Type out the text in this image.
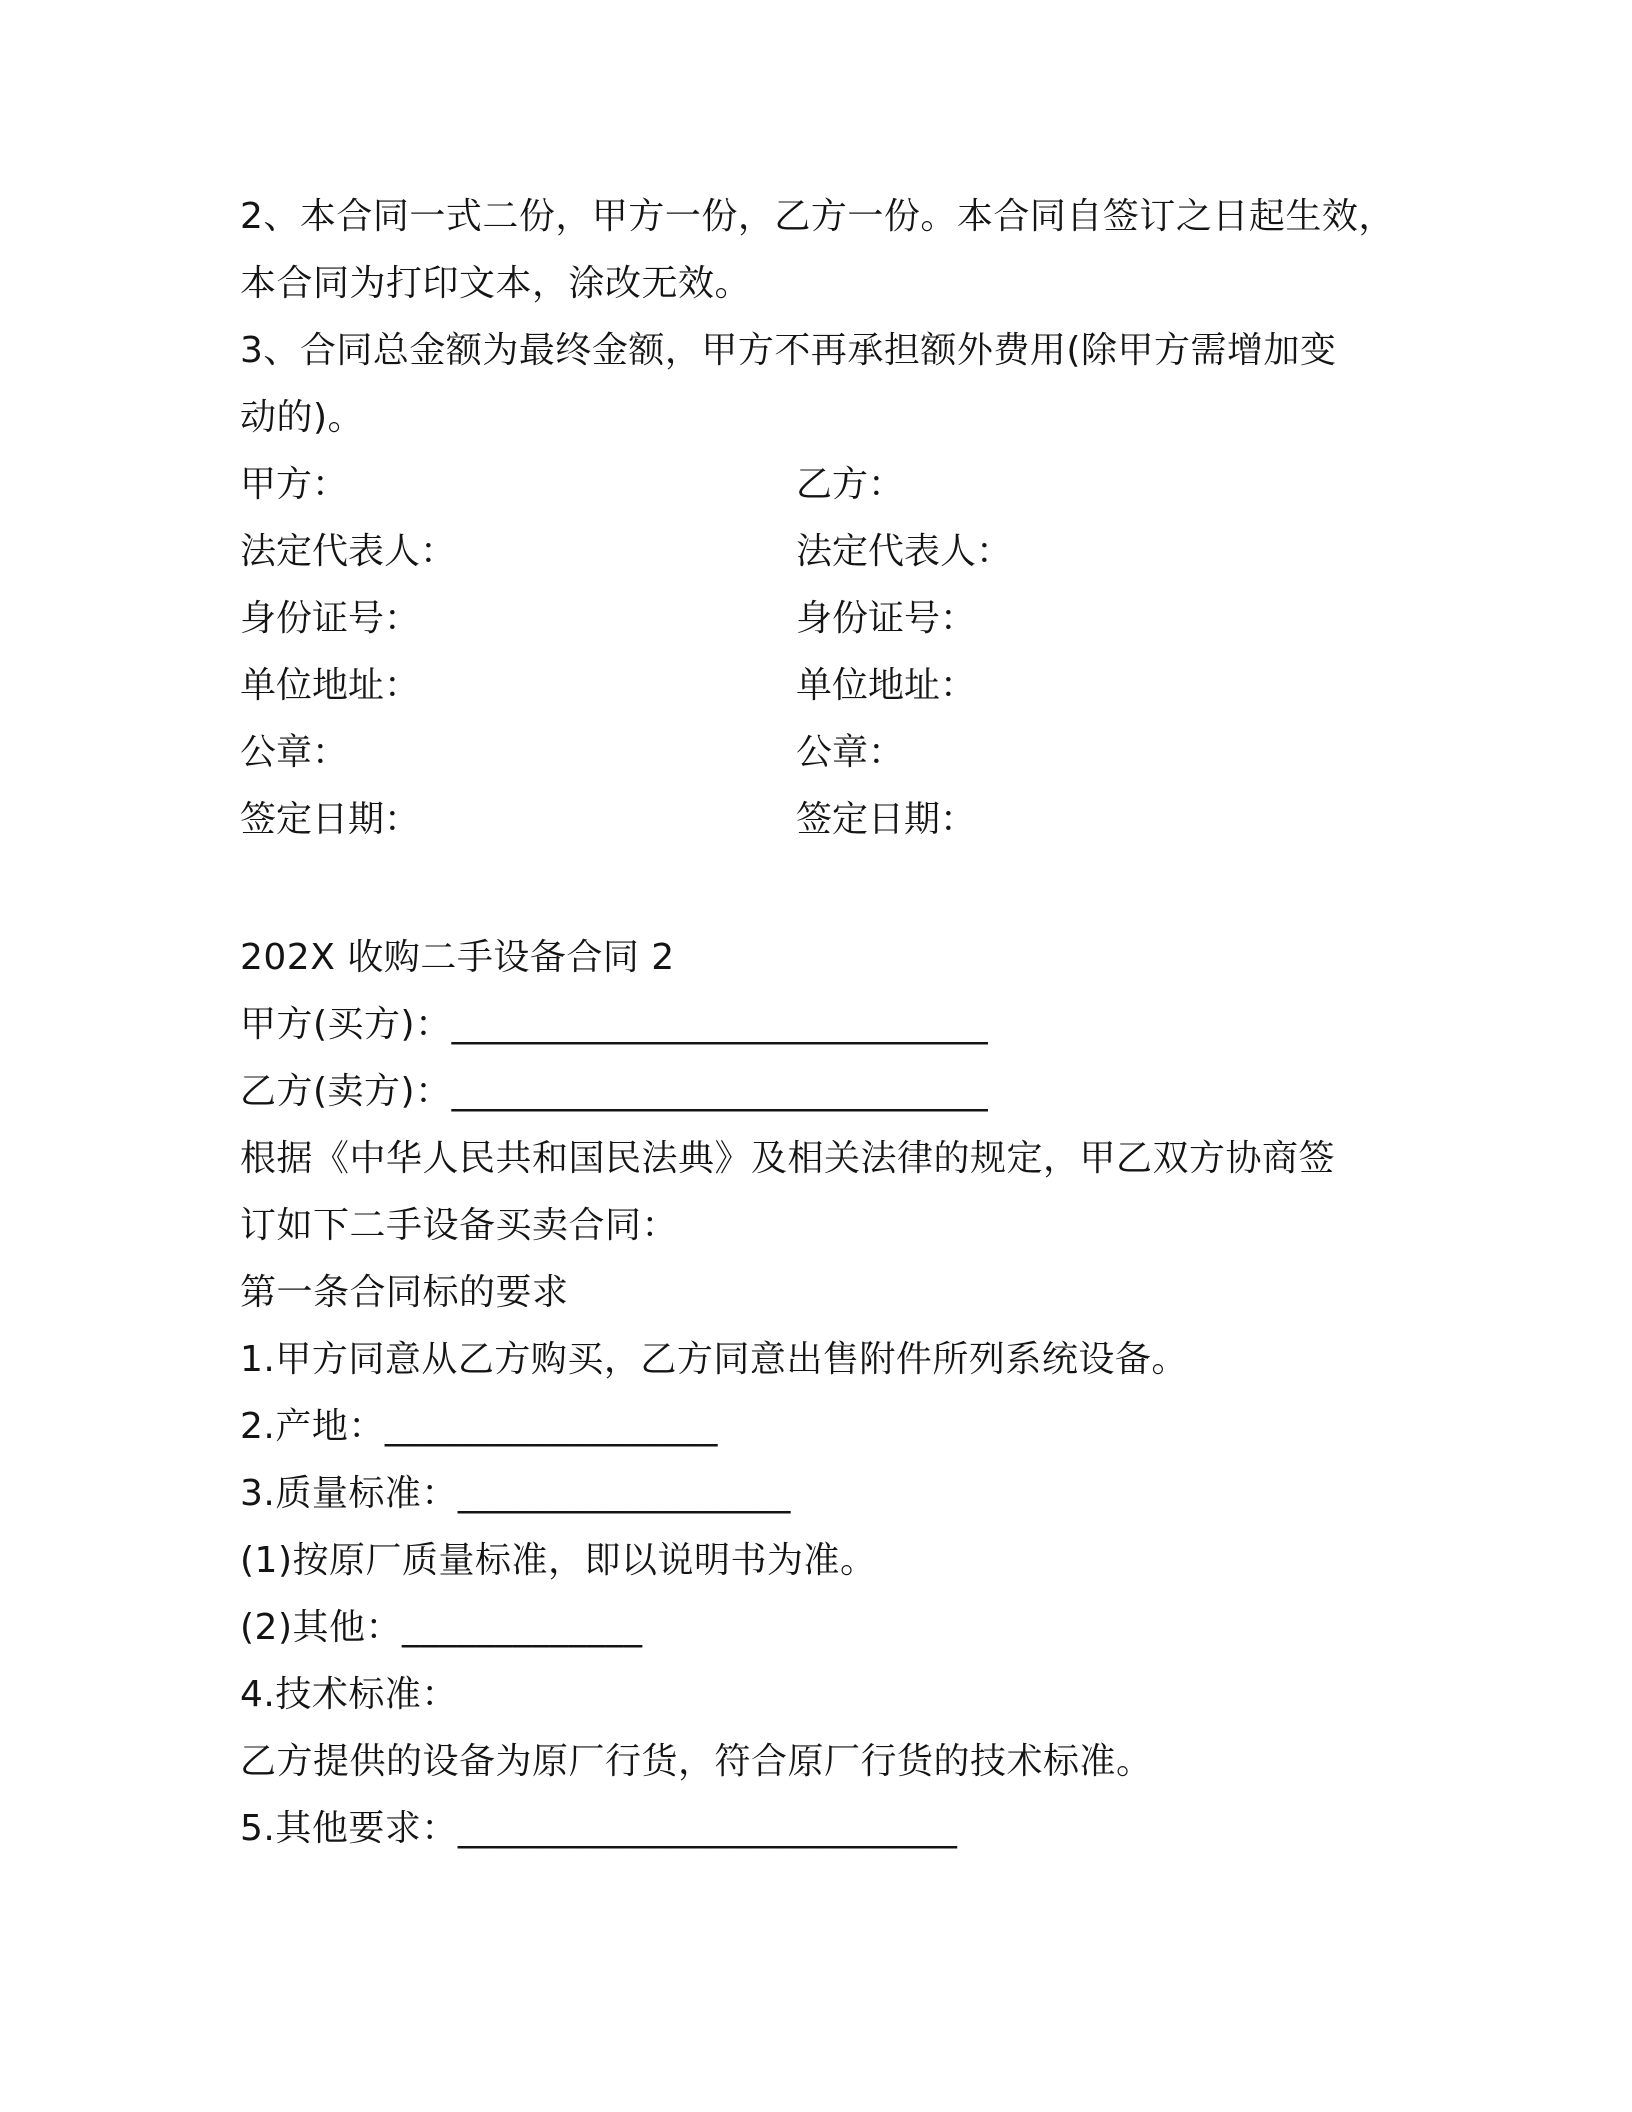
2、本合同一式二份，甲方一份，乙方一份。本合同自签订之日起生效，
本合同为打印文本，涂改无效。
3、合同总金额为最终金额，甲方不再承担额外费用(除甲方需增加变
动的)。
甲方：	乙方：
法定代表人：	法定代表人：
身份证号：	身份证号：
单位地址：	单位地址：
公章：	公章：
签定日期：	签定日期：
202X 收购二手设备合同 2
甲方(买方)：_____________________________
乙方(卖方)：_____________________________
根据《中华人民共和国民法典》及相关法律的规定，甲乙双方协商签
订如下二手设备买卖合同：
第一条合同标的要求
1.甲方同意从乙方购买，乙方同意出售附件所列系统设备。
2.产地：__________________
3.质量标准：__________________
(1)按原厂质量标准，即以说明书为准。
(2)其他：_____________
4.技术标准：
乙方提供的设备为原厂行货，符合原厂行货的技术标准。
5.其他要求：___________________________
